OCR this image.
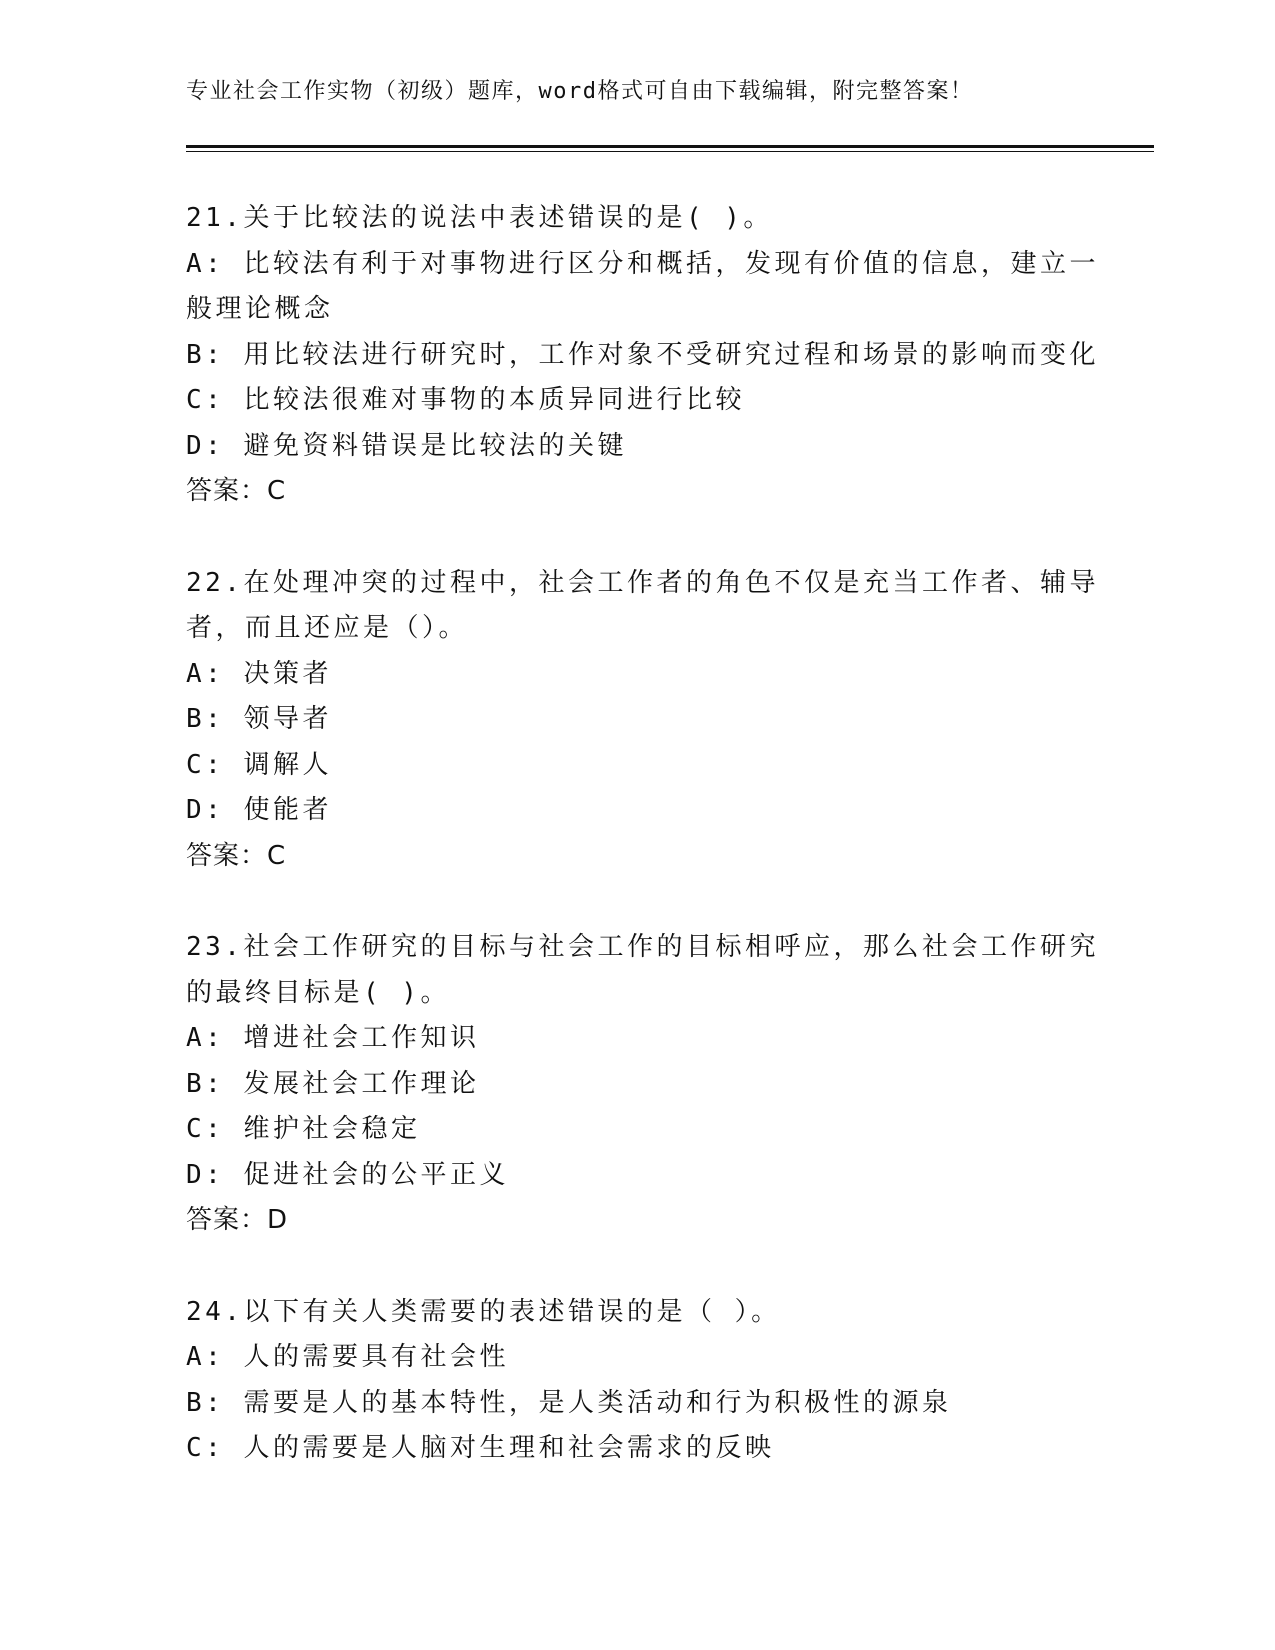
专业社会工作实物（初级）题库，word格式可自由下载编辑，附完整答案！
21.关于比较法的说法中表述错误的是( )。
A: 比较法有利于对事物进行区分和概括，发现有价值的信息，建立一
般理论概念
B: 用比较法进行研究时，工作对象不受研究过程和场景的影响而变化
C: 比较法很难对事物的本质异同进行比较
D: 避免资料错误是比较法的关键
答案：C
22.在处理冲突的过程中，社会工作者的角色不仅是充当工作者、辅导
者，而且还应是（）。
A: 决策者
B: 领导者
C: 调解人
D: 使能者
答案：C
23.社会工作研究的目标与社会工作的目标相呼应，那么社会工作研究
的最终目标是( )。
A: 增进社会工作知识
B: 发展社会工作理论
C: 维护社会稳定
D: 促进社会的公平正义
答案：D
24.以下有关人类需要的表述错误的是（ ）。
A: 人的需要具有社会性
B: 需要是人的基本特性，是人类活动和行为积极性的源泉
C: 人的需要是人脑对生理和社会需求的反映
